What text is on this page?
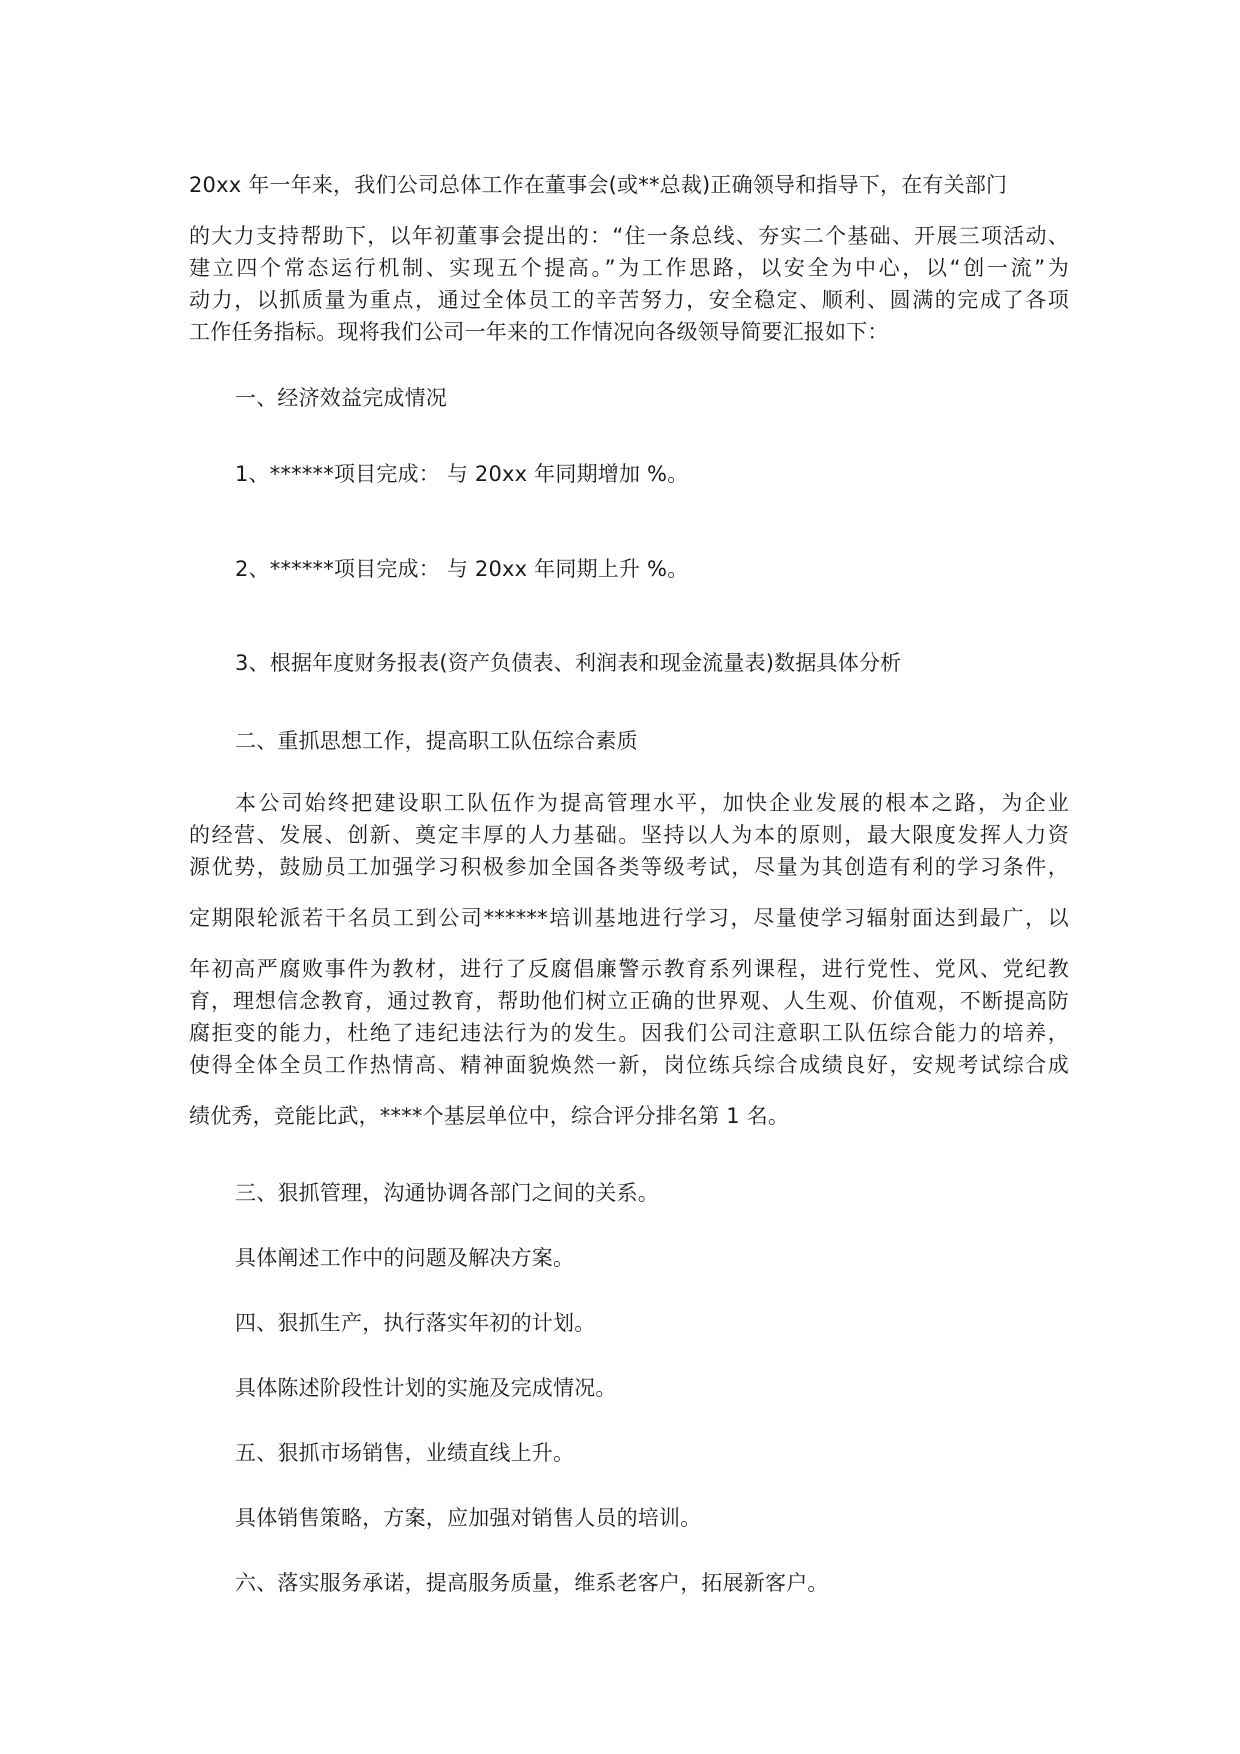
20xx 年一年来，我们公司总体工作在董事会(或**总裁)正确领导和指导下，在有关部门
的大力支持帮助下，以年初董事会提出的：“住一条总线、夯实二个基础、开展三项活动、
建立四个常态运行机制、实现五个提高。”为工作思路，以安全为中心，以“创一流”为
动力，以抓质量为重点，通过全体员工的辛苦努力，安全稳定、顺利、圆满的完成了各项
工作任务指标。现将我们公司一年来的工作情况向各级领导简要汇报如下：
一、经济效益完成情况
1、******项目完成： 与 20xx 年同期增加 %。
2、******项目完成： 与 20xx 年同期上升 %。
3、根据年度财务报表(资产负债表、利润表和现金流量表)数据具体分析
二、重抓思想工作，提高职工队伍综合素质
本公司始终把建设职工队伍作为提高管理水平，加快企业发展的根本之路，为企业
的经营、发展、创新、奠定丰厚的人力基础。坚持以人为本的原则，最大限度发挥人力资
源优势，鼓励员工加强学习积极参加全国各类等级考试，尽量为其创造有利的学习条件，
定期限轮派若干名员工到公司******培训基地进行学习，尽量使学习辐射面达到最广，以
年初高严腐败事件为教材，进行了反腐倡廉警示教育系列课程，进行党性、党风、党纪教
育，理想信念教育，通过教育，帮助他们树立正确的世界观、人生观、价值观，不断提高防
腐拒变的能力，杜绝了违纪违法行为的发生。因我们公司注意职工队伍综合能力的培养，
使得全体全员工作热情高、精神面貌焕然一新，岗位练兵综合成绩良好，安规考试综合成
绩优秀，竞能比武，****个基层单位中，综合评分排名第 1 名。
三、狠抓管理，沟通协调各部门之间的关系。
具体阐述工作中的问题及解决方案。
四、狠抓生产，执行落实年初的计划。
具体陈述阶段性计划的实施及完成情况。
五、狠抓市场销售，业绩直线上升。
具体销售策略，方案，应加强对销售人员的培训。
六、落实服务承诺，提高服务质量，维系老客户，拓展新客户。
